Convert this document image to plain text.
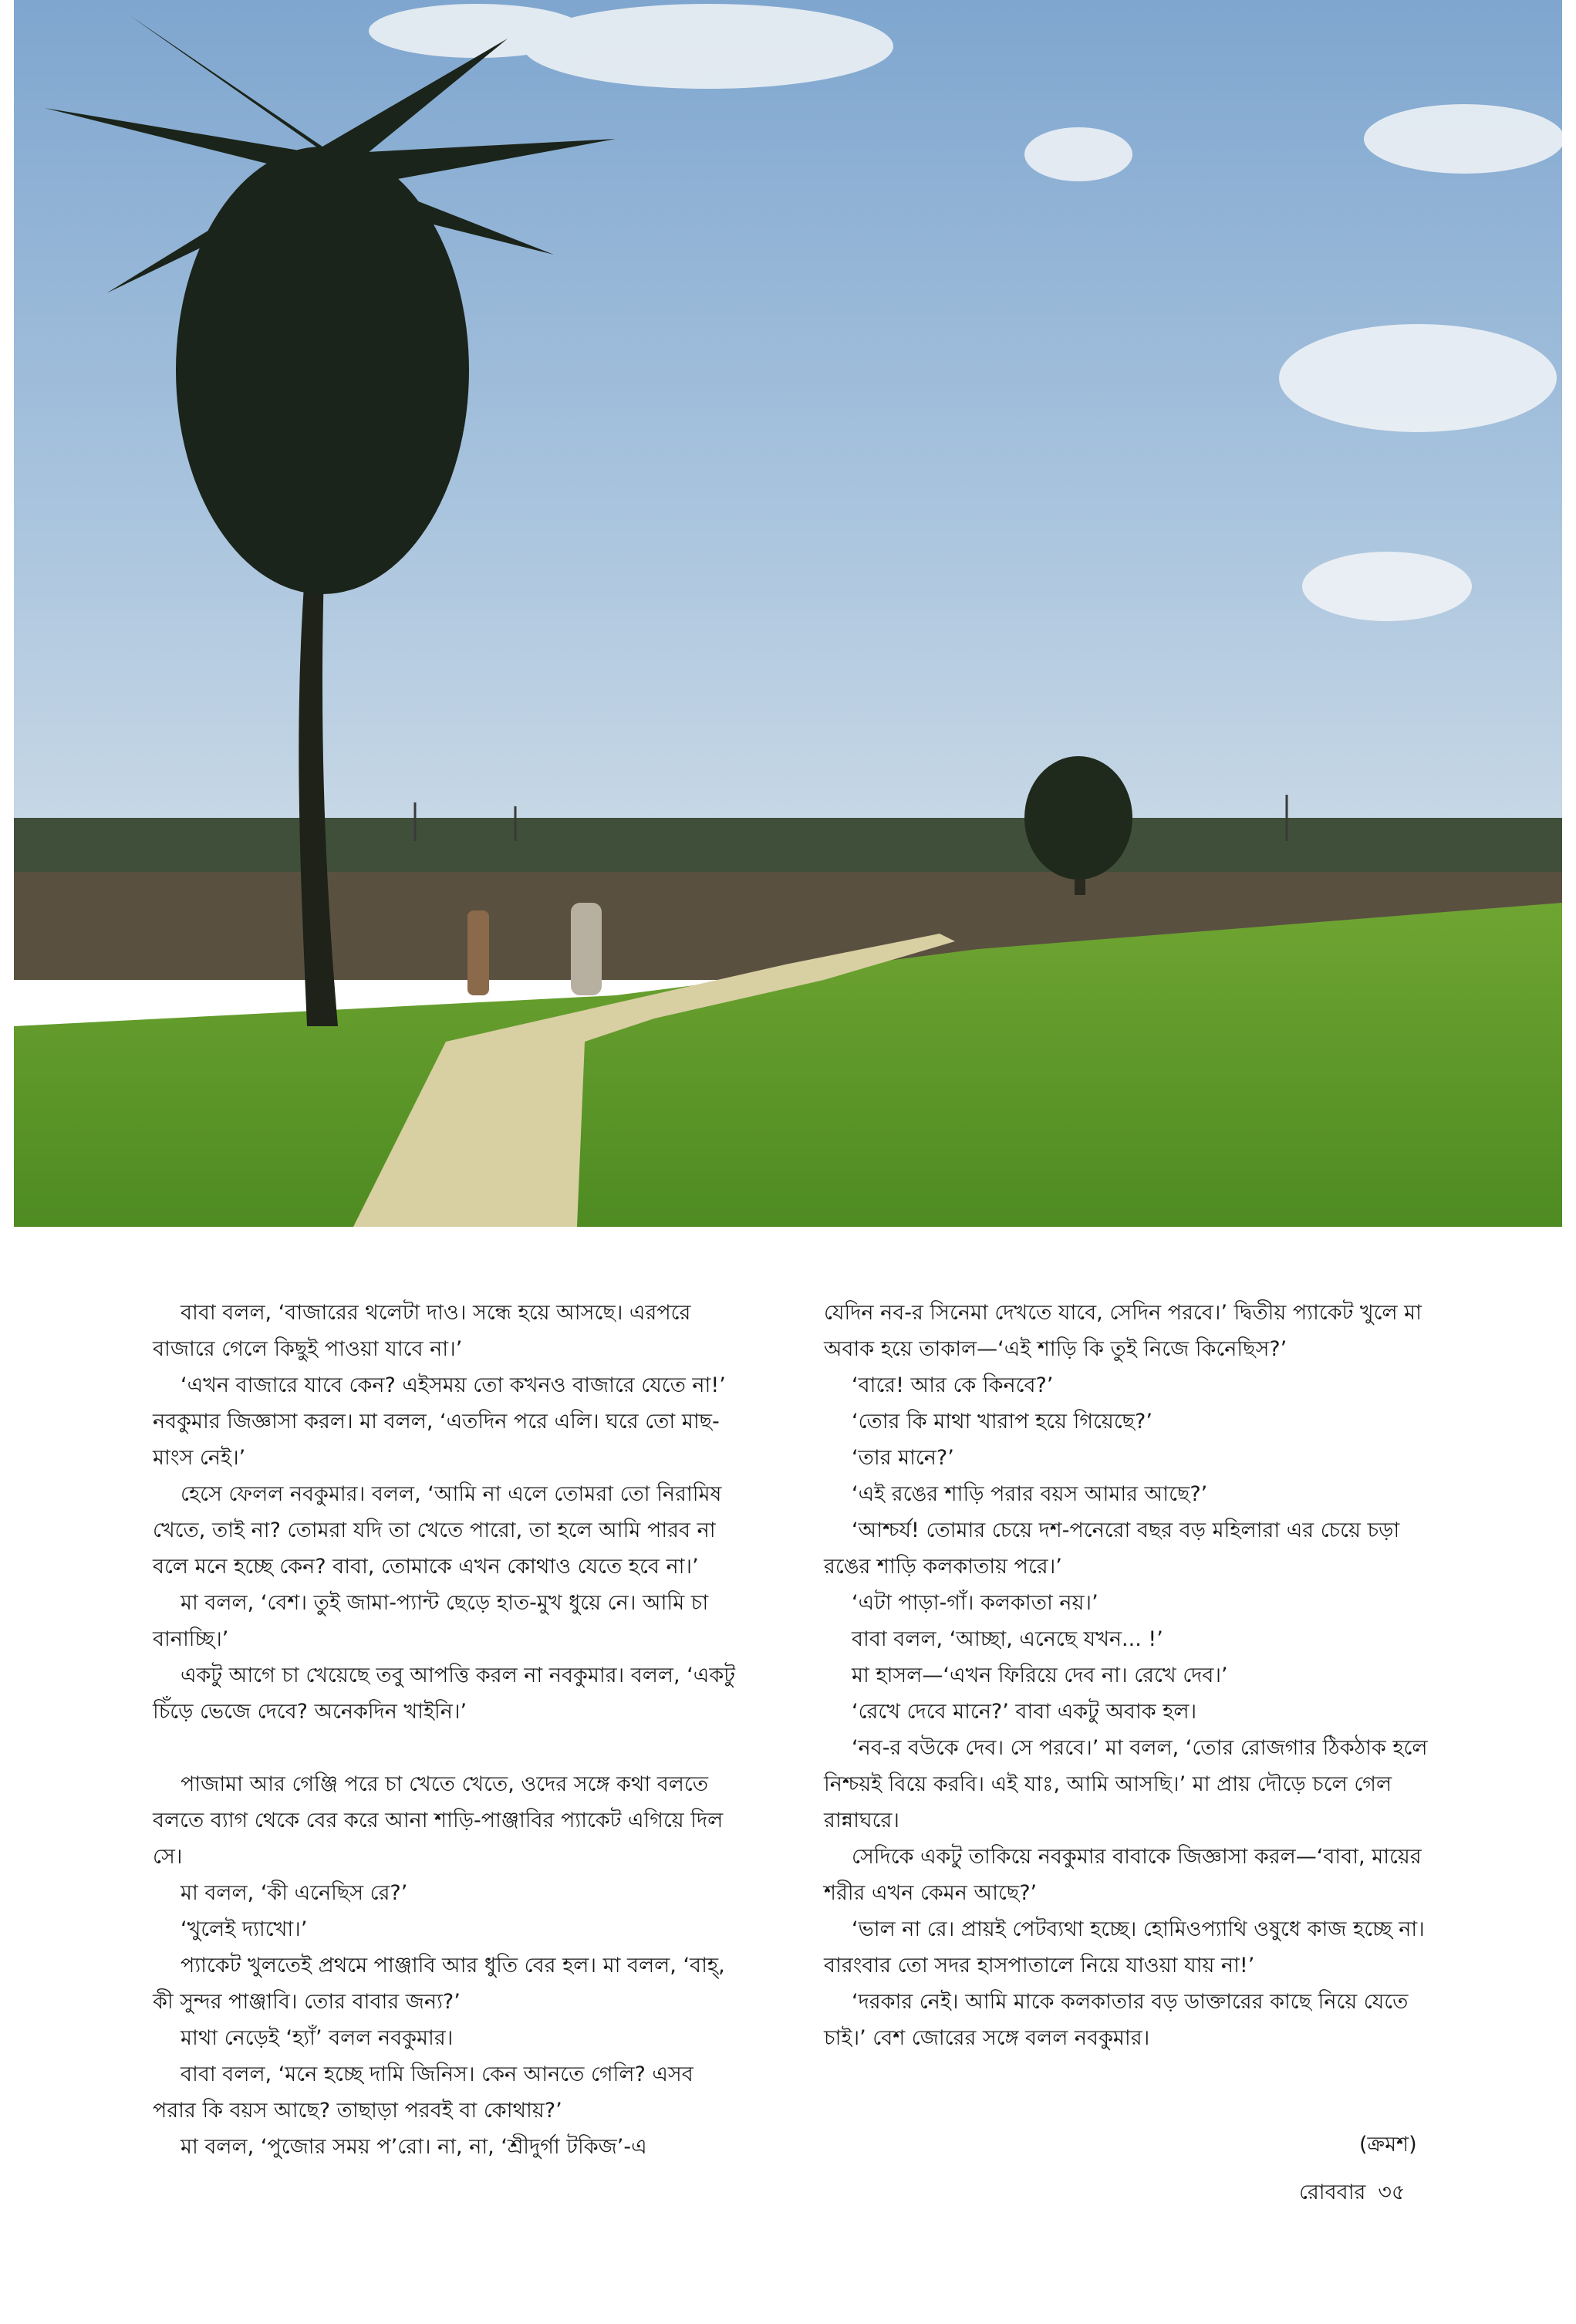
বাবা বলল, ‘বাজারের থলেটা দাও। সন্ধে হয়ে আসছে। এরপরে বাজারে গেলে কিছুই পাওয়া যাবে না।’

‘এখন বাজারে যাবে কেন? এইসময় তো কখনও বাজারে যেতে না!’ নবকুমার জিজ্ঞাসা করল। মা বলল, ‘এতদিন পরে এলি। ঘরে তো মাছ-মাংস নেই।’

হেসে ফেলল নবকুমার। বলল, ‘আমি না এলে তোমরা তো নিরামিষ খেতে, তাই না? তোমরা যদি তা খেতে পারো, তা হলে আমি পারব না বলে মনে হচ্ছে কেন? বাবা, তোমাকে এখন কোথাও যেতে হবে না।’

মা বলল, ‘বেশ। তুই জামা-প্যান্ট ছেড়ে হাত-মুখ ধুয়ে নে। আমি চা বানাচ্ছি।’

একটু আগে চা খেয়েছে তবু আপত্তি করল না নবকুমার। বলল, ‘একটু চিঁড়ে ভেজে দেবে? অনেকদিন খাইনি।’

পাজামা আর গেঞ্জি পরে চা খেতে খেতে, ওদের সঙ্গে কথা বলতে বলতে ব্যাগ থেকে বের করে আনা শাড়ি-পাঞ্জাবির প্যাকেট এগিয়ে দিল সে।

মা বলল, ‘কী এনেছিস রে?’

‘খুলেই দ্যাখো।’

প্যাকেট খুলতেই প্রথমে পাঞ্জাবি আর ধুতি বের হল। মা বলল, ‘বাহ্, কী সুন্দর পাঞ্জাবি। তোর বাবার জন্য?’

মাথা নেড়েই ‘হ্যাঁ’ বলল নবকুমার।

বাবা বলল, ‘মনে হচ্ছে দামি জিনিস। কেন আনতে গেলি? এসব পরার কি বয়স আছে? তাছাড়া পরবই বা কোথায়?’

মা বলল, ‘পুজোর সময় প’রো। না, না, ‘শ্রীদুর্গা টকিজ’-এ

যেদিন নব-র সিনেমা দেখতে যাবে, সেদিন পরবে।’ দ্বিতীয় প্যাকেট খুলে মা অবাক হয়ে তাকাল—‘এই শাড়ি কি তুই নিজে কিনেছিস?’

‘বারে! আর কে কিনবে?’

‘তোর কি মাথা খারাপ হয়ে গিয়েছে?’

‘তার মানে?’

‘এই রঙের শাড়ি পরার বয়স আমার আছে?’

‘আশ্চর্য! তোমার চেয়ে দশ-পনেরো বছর বড় মহিলারা এর চেয়ে চড়া রঙের শাড়ি কলকাতায় পরে।’

‘এটা পাড়া-গাঁ। কলকাতা নয়।’

বাবা বলল, ‘আচ্ছা, এনেছে যখন... !’

মা হাসল—‘এখন ফিরিয়ে দেব না। রেখে দেব।’

‘রেখে দেবে মানে?’ বাবা একটু অবাক হল।

‘নব-র বউকে দেব। সে পরবে।’ মা বলল, ‘তোর রোজগার ঠিকঠাক হলে নিশ্চয়ই বিয়ে করবি। এই যাঃ, আমি আসছি।’ মা প্রায় দৌড়ে চলে গেল রান্নাঘরে।

সেদিকে একটু তাকিয়ে নবকুমার বাবাকে জিজ্ঞাসা করল—‘বাবা, মায়ের শরীর এখন কেমন আছে?’

‘ভাল না রে। প্রায়ই পেটব্যথা হচ্ছে। হোমিওপ্যাথি ওষুধে কাজ হচ্ছে না। বারংবার তো সদর হাসপাতালে নিয়ে যাওয়া যায় না!’

‘দরকার নেই। আমি মাকে কলকাতার বড় ডাক্তারের কাছে নিয়ে যেতে চাই।’ বেশ জোরের সঙ্গে বলল নবকুমার।

(ক্রমশ)
রোববার ৩৫
